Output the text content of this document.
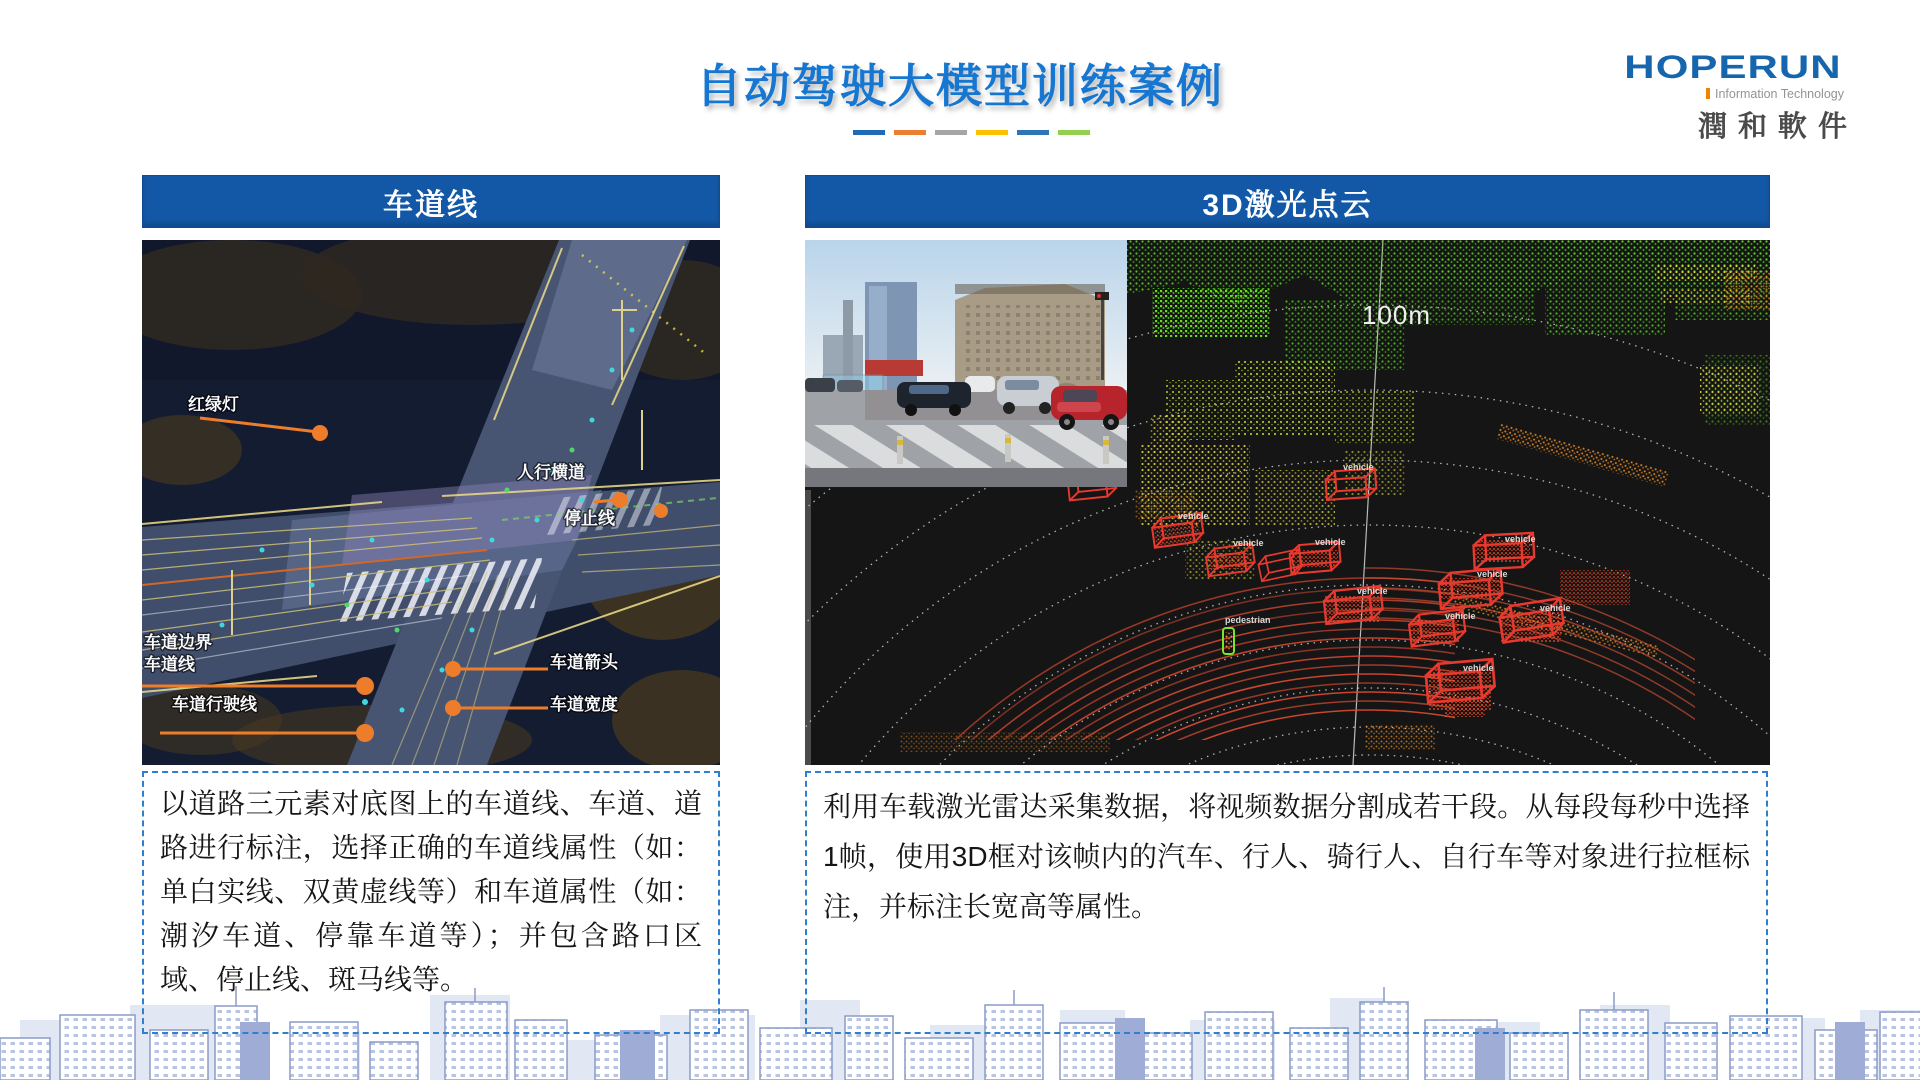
自动驾驶大模型训练案例	HOPERUN
Information Technology
潤和軟件
车道线	3D激光点云
红绿灯
人行横道
停止线
车道边界
车道线
车道行驶线
车道箭头
车道宽度
vehicle
vehicle
vehicle	vehicle
vehicle
vehicle
vehicle
vehicle
vehicle
vehicle
pedestrian
100m
以道路三元素对底图上的车道线、车道、道路进行标注，选择正确的车道线属性（如：单白实线、双黄虚线等）和车道属性（如：潮汐车道、停靠车道等）；并包含路口区域、停止线、斑马线等。
利用车载激光雷达采集数据，将视频数据分割成若干段。从每段每秒中选择1帧，使用3D框对该帧内的汽车、行人、骑行人、自行车等对象进行拉框标注，并标注长宽高等属性。
